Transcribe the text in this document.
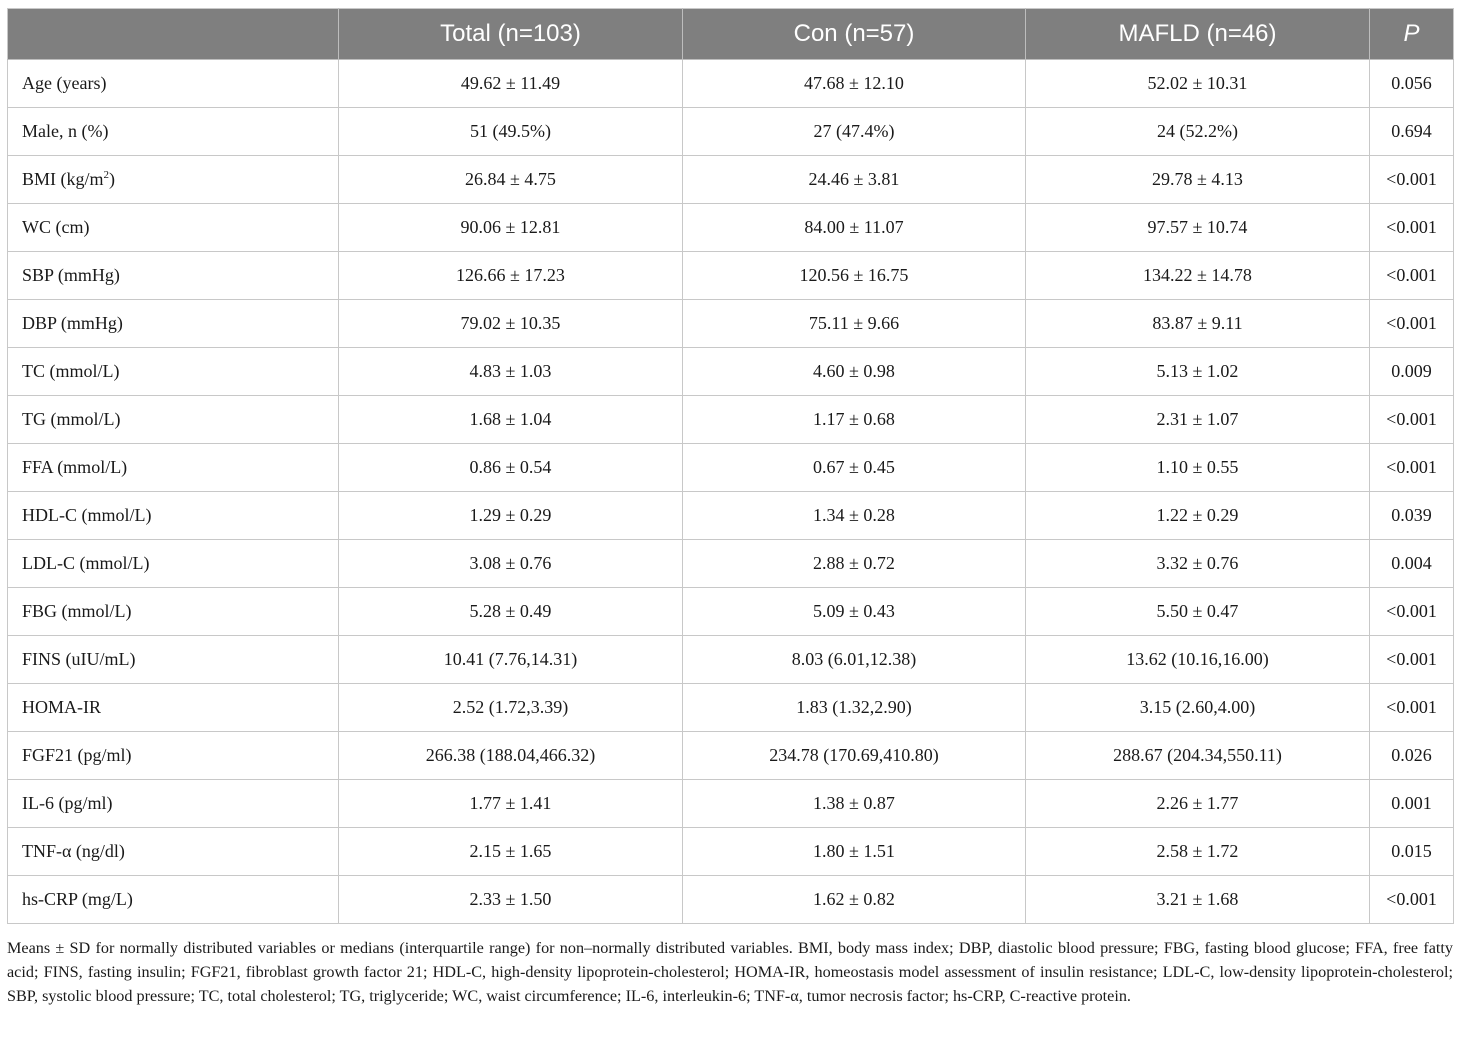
	Total (n=103)	Con (n=57)	MAFLD (n=46)	P
Age (years)	49.62 ± 11.49	47.68 ± 12.10	52.02 ± 10.31	0.056
Male, n (%)	51 (49.5%)	27 (47.4%)	24 (52.2%)	0.694
BMI $(kg/m^2)$	26.84 ± 4.75	24.46 ± 3.81	29.78 ± 4.13	<0.001
WC (cm)	90.06 ± 12.81	84.00 ± 11.07	97.57 ± 10.74	<0.001
SBP (mmHg)	126.66 ± 17.23	120.56 ± 16.75	134.22 ± 14.78	<0.001
DBP (mmHg)	79.02 ± 10.35	75.11 ± 9.66	83.87 ± 9.11	<0.001
TC (mmol/L)	4.83 ± 1.03	4.60 ± 0.98	5.13 ± 1.02	0.009
TG (mmol/L)	1.68 ± 1.04	1.17 ± 0.68	2.31 ± 1.07	<0.001
FFA (mmol/L)	0.86 ± 0.54	0.67 ± 0.45	1.10 ± 0.55	<0.001
HDL-C (mmol/L)	1.29 ± 0.29	1.34 ± 0.28	1.22 ± 0.29	0.039
LDL-C (mmol/L)	3.08 ± 0.76	2.88 ± 0.72	3.32 ± 0.76	0.004
FBG (mmol/L)	5.28 ± 0.49	5.09 ± 0.43	5.50 ± 0.47	<0.001
FINS (uIU/mL)	10.41 (7.76,14.31)	8.03 (6.01,12.38)	13.62 (10.16,16.00)	<0.001
HOMA-IR	2.52 (1.72,3.39)	1.83 (1.32,2.90)	3.15 (2.60,4.00)	<0.001
FGF21 (pg/ml)	266.38 (188.04,466.32)	234.78 (170.69,410.80)	288.67 (204.34,550.11)	0.026
IL-6 (pg/ml)	1.77 ± 1.41	1.38 ± 0.87	2.26 ± 1.77	0.001
TNF-α (ng/dl)	2.15 ± 1.65	1.80 ± 1.51	2.58 ± 1.72	0.015
hs-CRP (mg/L)	2.33 ± 1.50	1.62 ± 0.82	3.21 ± 1.68	<0.001

Means ± SD for normally distributed variables or medians (interquartile range) for non–normally distributed variables. BMI, body mass index; DBP, diastolic blood pressure; FBG, fasting blood glucose; FFA, free fatty acid; FINS, fasting insulin; FGF21, fibroblast growth factor 21; HDL-C, high-density lipoprotein-cholesterol; HOMA-IR, homeostasis model assessment of insulin resistance; LDL-C, low-density lipoprotein-cholesterol; SBP, systolic blood pressure; TC, total cholesterol; TG, triglyceride; WC, waist circumference; IL-6, interleukin-6; TNF-α, tumor necrosis factor; hs-CRP, C-reactive protein.
